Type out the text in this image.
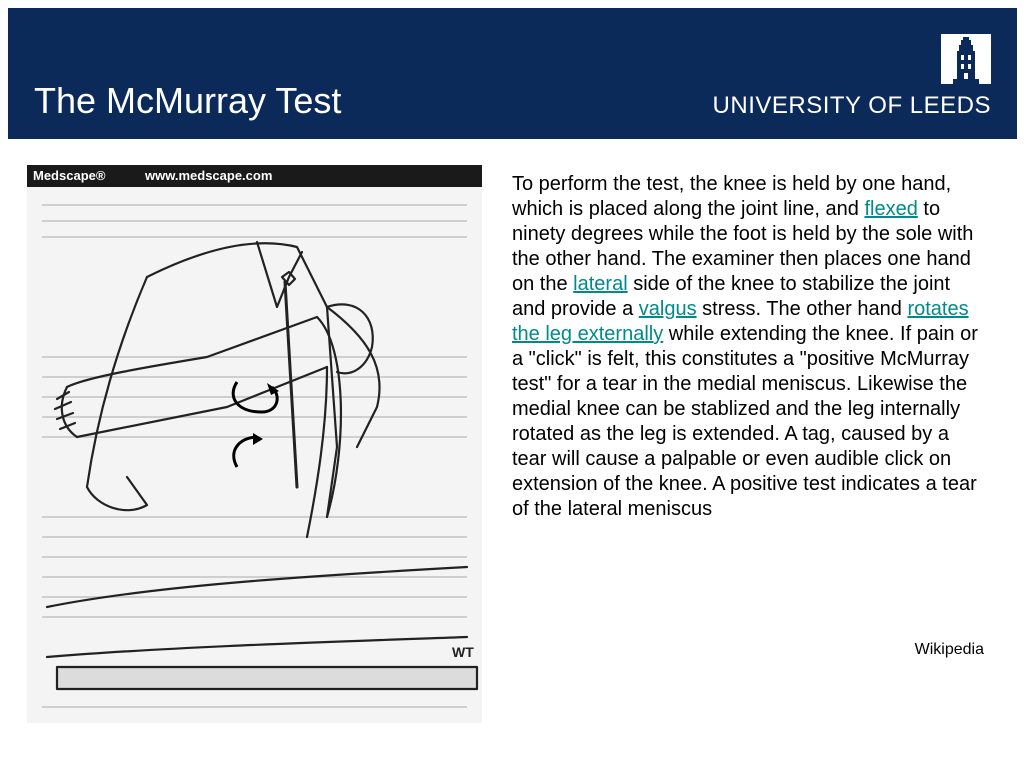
The McMurray Test	UNIVERSITY OF LEEDS
Medscape®	www.medscape.com
WT
To perform the test, the knee is held by one hand, which is placed along the joint line, and flexed to ninety degrees while the foot is held by the sole with the other hand. The examiner then places one hand on the lateral side of the knee to stabilize the joint and provide a valgus stress. The other hand rotates the leg externally while extending the knee. If pain or a "click" is felt, this constitutes a "positive McMurray test" for a tear in the medial meniscus. Likewise the medial knee can be stablized and the leg internally rotated as the leg is extended. A tag, caused by a tear will cause a palpable or even audible click on extension of the knee. A positive test indicates a tear of the lateral meniscus
Wikipedia
